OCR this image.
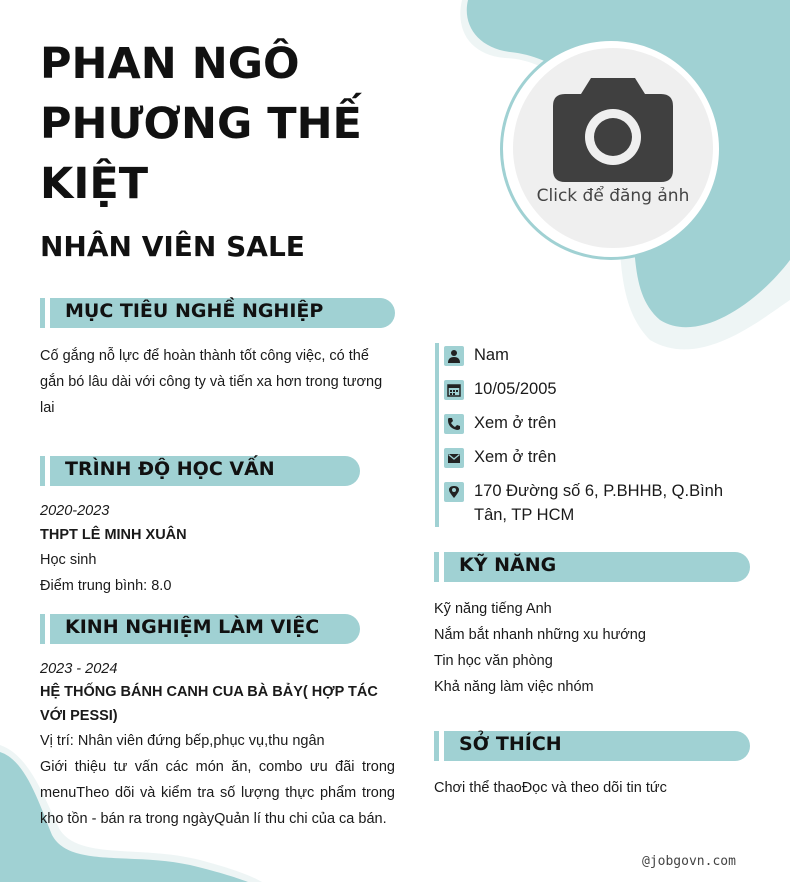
PHAN NGÔ PHƯƠNG THẾ KIỆT
NHÂN VIÊN SALE
Click để đăng ảnh
MỤC TIÊU NGHỀ NGHIỆP
Cố gắng nỗ lực để hoàn thành tốt công việc, có thể gắn bó lâu dài với công ty và tiến xa hơn trong tương lai
TRÌNH ĐỘ HỌC VẤN
2020-2023
THPT LÊ MINH XUÂN
Học sinh
Điểm trung bình: 8.0
KINH NGHIỆM LÀM VIỆC
2023 - 2024
HỆ THỐNG BÁNH CANH CUA BÀ BẢY( HỢP TÁC VỚI PESSI)
Vị trí: Nhân viên đứng bếp,phục vụ,thu ngân
Giới thiệu tư vấn các món ăn, combo ưu đãi trong menuTheo dõi và kiểm tra số lượng thực phẩm trong kho tồn - bán ra trong ngàyQuản lí thu chi của ca bán.
Nam
10/05/2005
Xem ở trên
Xem ở trên
170 Đường số 6, P.BHHB, Q.Bình Tân, TP HCM
KỸ NĂNG
Kỹ năng tiếng Anh
Nắm bắt nhanh những xu hướng
Tin học văn phòng
Khả năng làm việc nhóm
SỞ THÍCH
Chơi thể thaoĐọc và theo dõi tin tức
@jobgovn.com
